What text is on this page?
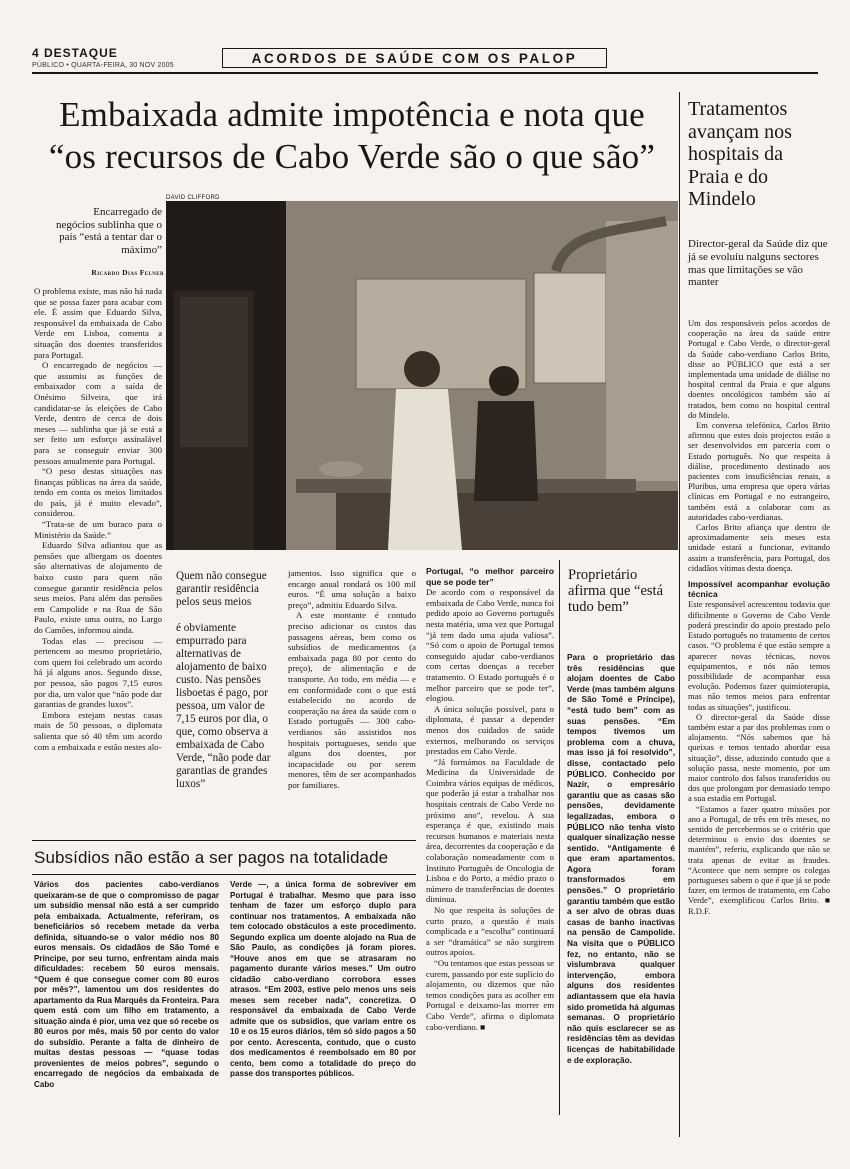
4 DESTAQUE
PÚBLICO • QUARTA-FEIRA, 30 NOV 2005	ACORDOS DE SAÚDE COM OS PALOP
Embaixada admite impotência e nota que
“os recursos de Cabo Verde são o que são”
Encarregado de negócios sublinha que o país “está a tentar dar o máximo”
Ricardo Dias Felner
DAVID CLIFFORD

O problema existe, mas não há nada que se possa fazer para acabar com ele. É assim que Eduardo Silva, responsável da embaixada de Cabo Verde em Lisboa, comenta a situação dos doentes transferidos para Portugal.

O encarregado de negócios — que assumiu as funções de embaixador com a saída de Onésimo Silveira, que irá candidatar-se às eleições de Cabo Verde, dentro de cerca de dois meses — sublinha que já se está a ser feito um esforço assinalável para se conseguir enviar 300 pessoas anualmente para Portugal.

“O peso destas situações nas finanças públicas na área da saúde, tendo em conta os meios limitados do país, já é muito elevado”, considerou.

“Trata-se de um buraco para o Ministério da Saúde.”

Eduardo Silva adiantou que as pensões que albergam os doentes são alternativas de alojamento de baixo custo para quem não consegue garantir residência pelos seus meios. Para além das pensões em Campolide e na Rua de São Paulo, existe uma outra, no Largo do Camões, informou ainda.

Todas elas — precisou — pertencem ao mesmo proprietário, com quem foi celebrado um acordo há já alguns anos. Segundo disse, por pessoa, são pagos 7,15 euros por dia, um valor que “não pode dar garantias de grandes luxos”.

Embora estejam nestas casas mais de 50 pessoas, o diplomata salienta que só 40 têm um acordo com a embaixada e estão nestes alo-

Quem não consegue garantir residência pelos seus meios
é obviamente empurrado para alternativas de alojamento de baixo custo. Nas pensões lisboetas é pago, por pessoa, um valor de 7,15 euros por dia, o que, como observa a embaixada de Cabo Verde, “não pode dar garantias de grandes luxos”

jamentos. Isso significa que o encargo anual rondará os 100 mil euros. “É uma solução a baixo preço”, admitiu Eduardo Silva.

A este montante é contudo preciso adicionar os custos das passagens aéreas, bem como os subsídios de medicamentos (a embaixada paga 80 por cento do preço), de alimentação e de transporte. Ao todo, em média — e em conformidade com o que está estabelecido no acordo de cooperação na área da saúde com o Estado português — 300 cabo-verdianos são assistidos nos hospitais portugueses, sendo que alguns dos doentes, por incapacidade ou por serem menores, têm de ser acompanhados por familiares.

Portugal, “o melhor parceiro que se pode ter”

De acordo com o responsável da embaixada de Cabo Verde, nunca foi pedido apoio ao Governo português nesta matéria, uma vez que Portugal “já tem dado uma ajuda valiosa”. “Só com o apoio de Portugal temos conseguido ajudar cabo-verdianos com certas doenças a receber tratamento. O Estado português é o melhor parceiro que se pode ter”, elogiou.

A única solução possível, para o diplomata, é passar a depender menos dos cuidados de saúde externos, melhorando os serviços prestados em Cabo Verde.

“Já formámos na Faculdade de Medicina da Universidade de Coimbra vários equipas de médicos, que poderão já estar a trabalhar nos hospitais centrais de Cabo Verde no próximo ano”, revelou. A sua esperança é que, existindo mais recursos humanos e materiais nesta área, decorrentes da cooperação e da colaboração nomeadamente com o Instituto Português de Oncologia de Lisboa e do Porto, a médio prazo o número de transferências de doentes diminua.

No que respeita às soluções de curto prazo, a questão é mais complicada e a “escolha” continuará a ser “dramática” se não surgirem outros apoios.

“Ou tentamos que estas pessoas se curem, passando por este suplício do alojamento, ou dizemos que não temos condições para as acolher em Portugal e deixamo-las morrer em Cabo Verde”, afirma o diplomata cabo-verdiano. ■

Proprietário afirma que “está tudo bem”
Para o proprietário das três residências que alojam doentes de Cabo Verde (mas também alguns de São Tomé e Príncipe), “está tudo bem” com as suas pensões. “Em tempos tivemos um problema com a chuva, mas isso já foi resolvido”, disse, contactado pelo PÚBLICO. Conhecido por Nazir, o empresário garantiu que as casas são pensões, devidamente legalizadas, embora o PÚBLICO não tenha visto qualquer sinalização nesse sentido. “Antigamente é que eram apartamentos. Agora foram transformados em pensões.” O proprietário garantiu também que estão a ser alvo de obras duas casas de banho inactivas na pensão de Campolide. Na visita que o PÚBLICO fez, no entanto, não se vislumbrava qualquer intervenção, embora alguns dos residentes adiantassem que ela havia sido prometida há algumas semanas. O proprietário não quis esclarecer se as residências têm as devidas licenças de habitabilidade e de exploração.
Subsídios não estão a ser pagos na totalidade
Vários dos pacientes cabo-verdianos queixaram-se de que o compromisso de pagar um subsídio mensal não está a ser cumprido pela embaixada. Actualmente, referiram, os beneficiários só recebem metade da verba definida, situando-se o valor médio nos 80 euros mensais. Os cidadãos de São Tomé e Príncipe, por seu turno, enfrentam ainda mais dificuldades: recebem 50 euros mensais. “Quem é que consegue comer com 80 euros por mês?”, lamentou um dos residentes do apartamento da Rua Marquês da Fronteira. Para quem está com um filho em tratamento, a situação ainda é pior, uma vez que só recebe os 80 euros por mês, mais 50 por cento do valor do subsídio. Perante a falta de dinheiro de muitas destas pessoas — “quase todas provenientes de meios pobres”, segundo o encarregado de negócios da embaixada de Cabo
Verde —, a única forma de sobreviver em Portugal é trabalhar. Mesmo que para isso tenham de fazer um esforço duplo para continuar nos tratamentos. A embaixada não tem colocado obstáculos a este procedimento. Segundo explica um doente alojado na Rua de São Paulo, as condições já foram piores. “Houve anos em que se atrasaram no pagamento durante vários meses.” Um outro cidadão cabo-verdiano corrobora esses atrasos. “Em 2003, estive pelo menos uns seis meses sem receber nada”, concretiza. O responsável da embaixada de Cabo Verde admite que os subsídios, que variam entre os 10 e os 15 euros diários, têm só sido pagos a 50 por cento. Acrescenta, contudo, que o custo dos medicamentos é reembolsado em 80 por cento, bem como a totalidade do preço do passe dos transportes públicos.
Tratamentos avançam nos hospitais da Praia e do Mindelo
Director-geral da Saúde diz que já se evoluiu nalguns sectores mas que limitações se vão manter

Um dos responsáveis pelos acordos de cooperação na área da saúde entre Portugal e Cabo Verde, o director-geral da Saúde cabo-verdiano Carlos Brito, disse ao PÚBLICO que está a ser implementada uma unidade de diálise no hospital central da Praia e que alguns doentes oncológicos também são aí tratados, bem como no hospital central do Mindelo.

Em conversa telefónica, Carlos Brito afirmou que estes dois projectos estão a ser desenvolvidos em parceria com o Estado português. No que respeita à diálise, procedimento destinado aos pacientes com insuficiências renais, a Pluribus, uma empresa que opera várias clínicas em Portugal e no estrangeiro, também está a colaborar com as autoridades cabo-verdianas.

Carlos Brito afiança que dentro de aproximadamente seis meses esta unidade estará a funcionar, evitando assim a transferência, para Portugal, dos cidadãos vítimas desta doença.

Impossível acompanhar evolução técnica

Este responsável acrescentou todavia que dificilmente o Governo de Cabo Verde poderá prescindir do apoio prestado pelo Estado português no tratamento de certos casos. “O problema é que estão sempre a aparecer novas técnicas, novos equipamentos, e nós não temos possibilidade de acompanhar essa evolução. Podemos fazer quimioterapia, mas não temos meios para enfrentar todas as situações”, justificou.

O director-geral da Saúde disse também estar a par dos problemas com o alojamento. “Nós sabemos que há queixas e temos tentado abordar essa situação”, disse, aduzindo contudo que a solução passa, neste momento, por um maior controlo dos falsos transferidos ou dos que prolongam por demasiado tempo a sua estadia em Portugal.

“Estamos a fazer quatro missões por ano a Portugal, de três em três meses, no sentido de percebermos se o critério que determinou o envio dos doentes se mantém”, referiu, explicando que não se trata apenas de evitar as fraudes. “Acontece que nem sempre os colegas portugueses sabem o que é que já se pode fazer, em termos de tratamento, em Cabo Verde”, exemplificou Carlos Brito. ■ R.D.F.
